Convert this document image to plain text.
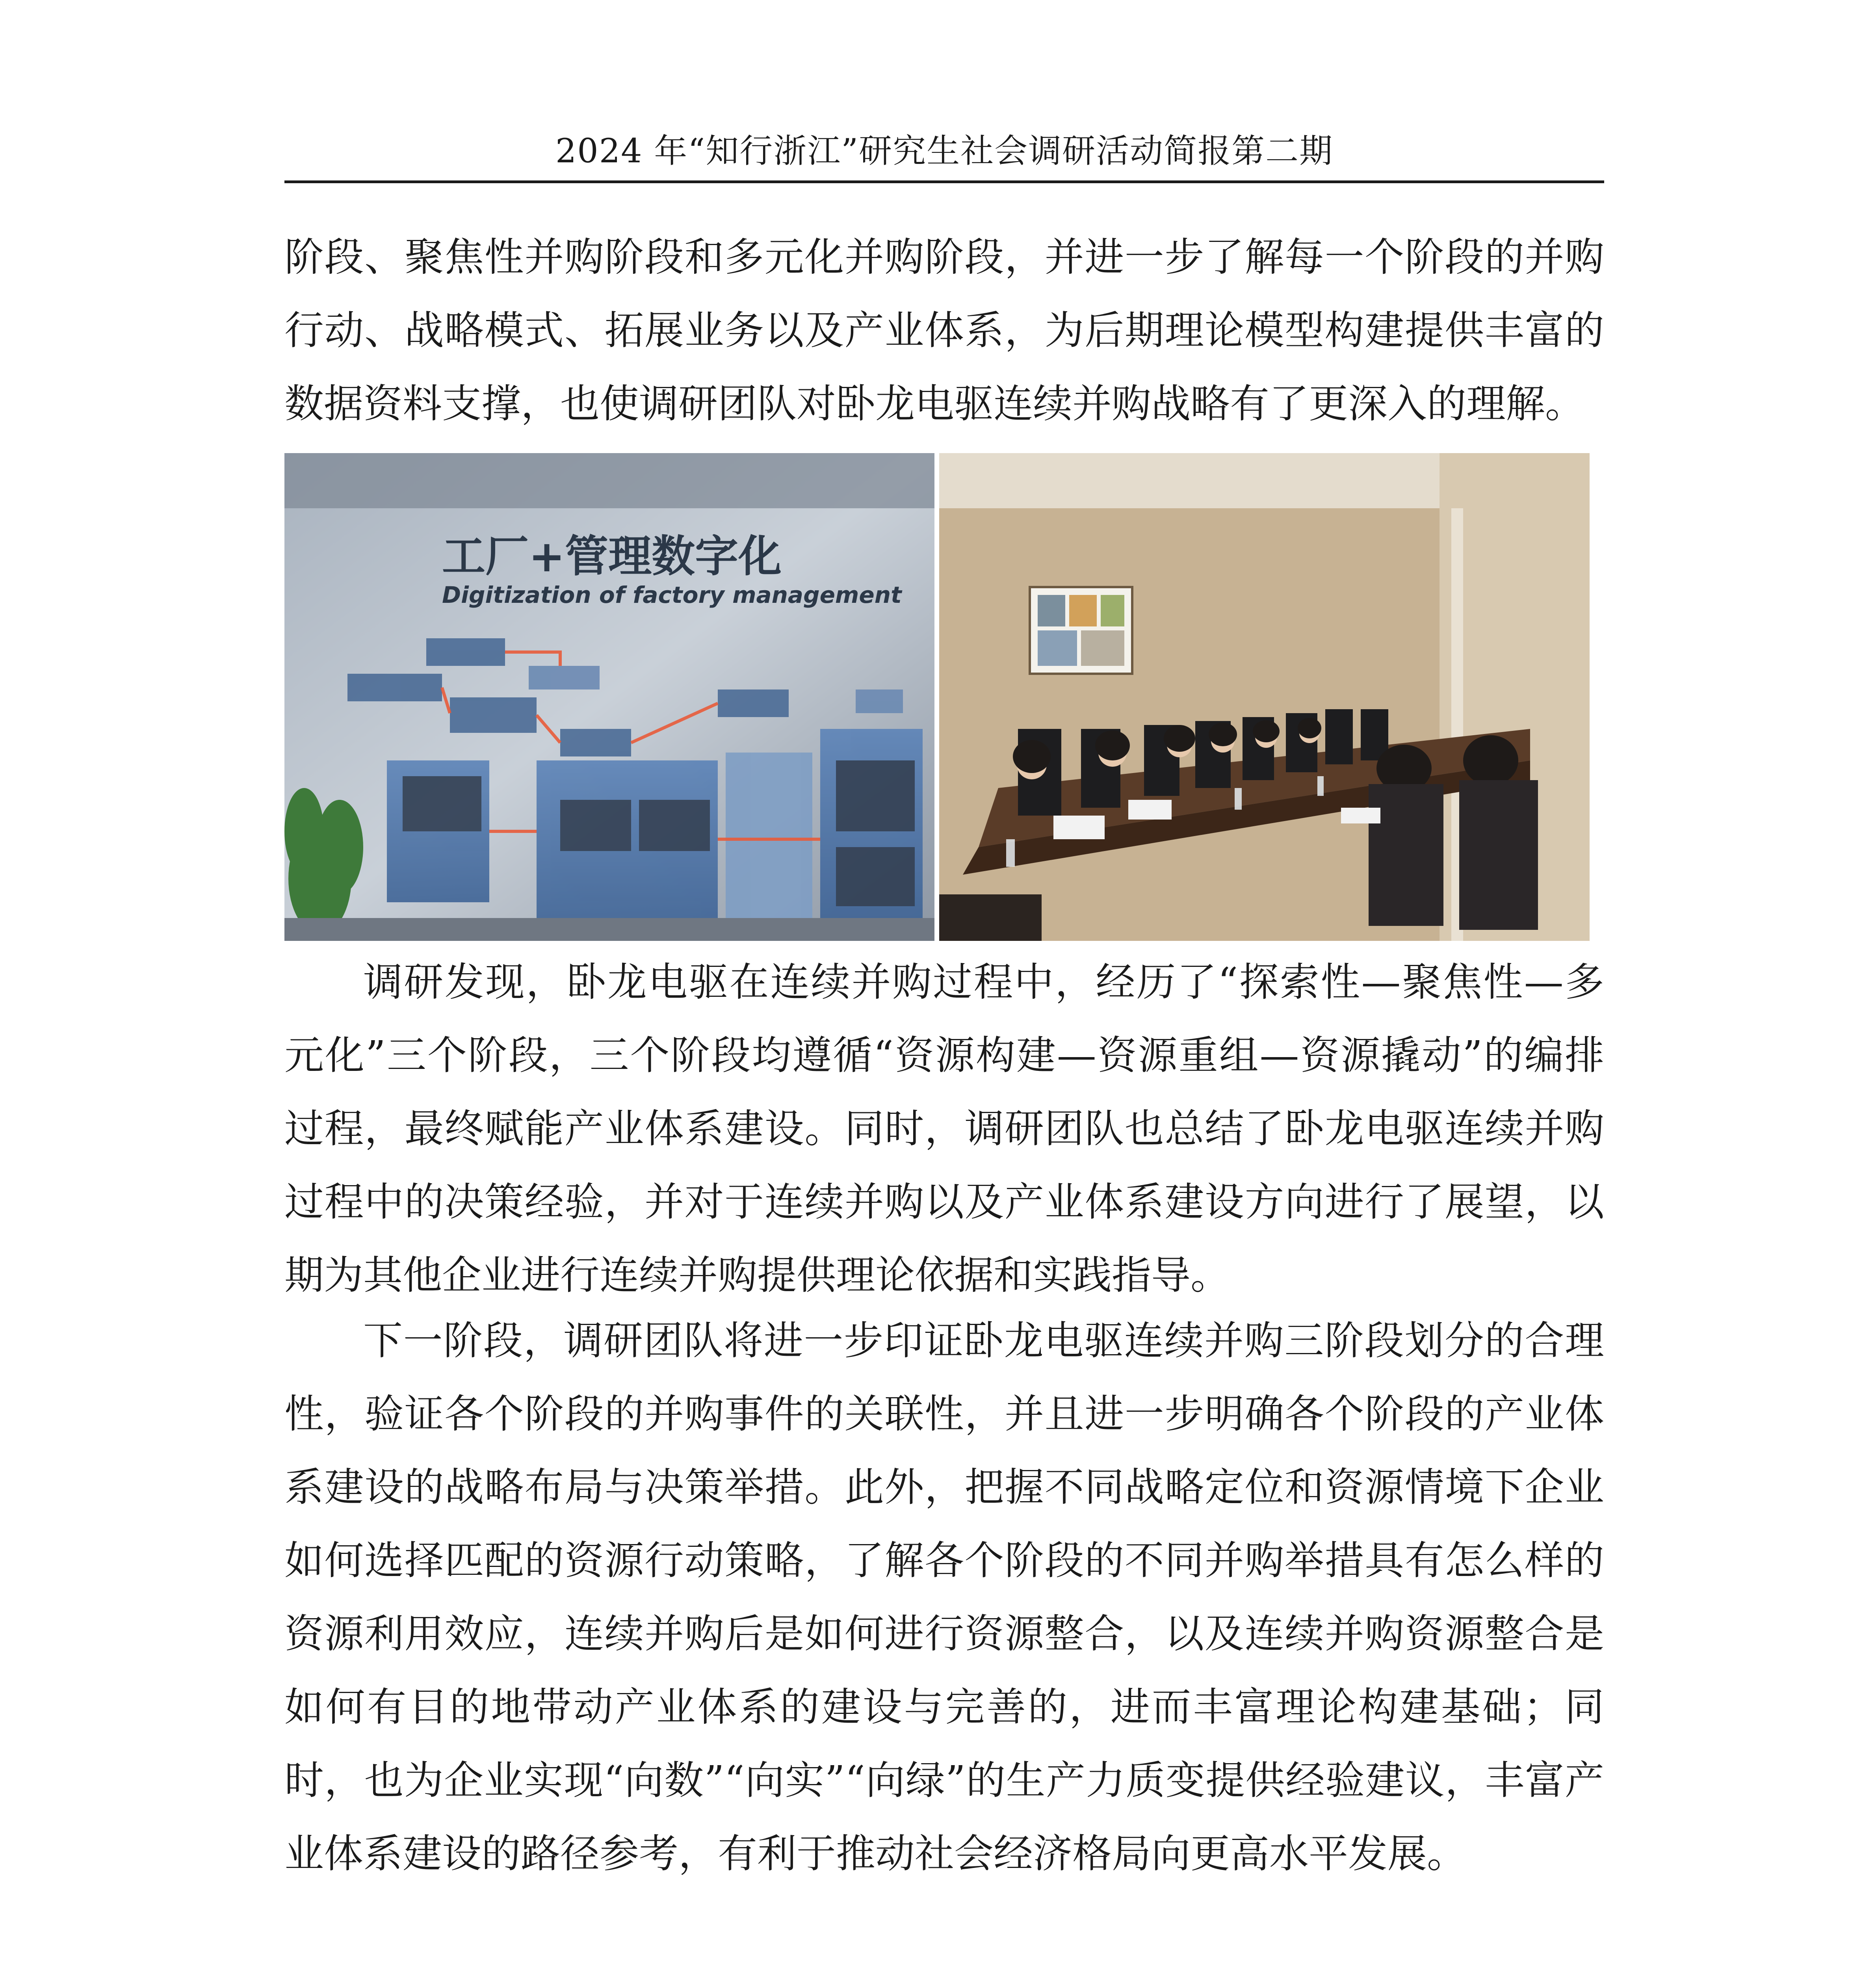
2024 年“知行浙江”研究生社会调研活动简报第二期

阶段、聚焦性并购阶段和多元化并购阶段，并进一步了解每一个阶段的并购行动、战略模式、拓展业务以及产业体系，为后期理论模型构建提供丰富的数据资料支撑，也使调研团队对卧龙电驱连续并购战略有了更深入的理解。

工厂+管理数字化
Digitization of factory management

调研发现，卧龙电驱在连续并购过程中，经历了“探索性—聚焦性—多元化”三个阶段，三个阶段均遵循“资源构建—资源重组—资源撬动”的编排过程，最终赋能产业体系建设。同时，调研团队也总结了卧龙电驱连续并购过程中的决策经验，并对于连续并购以及产业体系建设方向进行了展望，以期为其他企业进行连续并购提供理论依据和实践指导。

下一阶段，调研团队将进一步印证卧龙电驱连续并购三阶段划分的合理性，验证各个阶段的并购事件的关联性，并且进一步明确各个阶段的产业体系建设的战略布局与决策举措。此外，把握不同战略定位和资源情境下企业如何选择匹配的资源行动策略，了解各个阶段的不同并购举措具有怎么样的资源利用效应，连续并购后是如何进行资源整合，以及连续并购资源整合是如何有目的地带动产业体系的建设与完善的，进而丰富理论构建基础；同时，也为企业实现“向数”“向实”“向绿”的生产力质变提供经验建议，丰富产业体系建设的路径参考，有利于推动社会经济格局向更高水平发展。
